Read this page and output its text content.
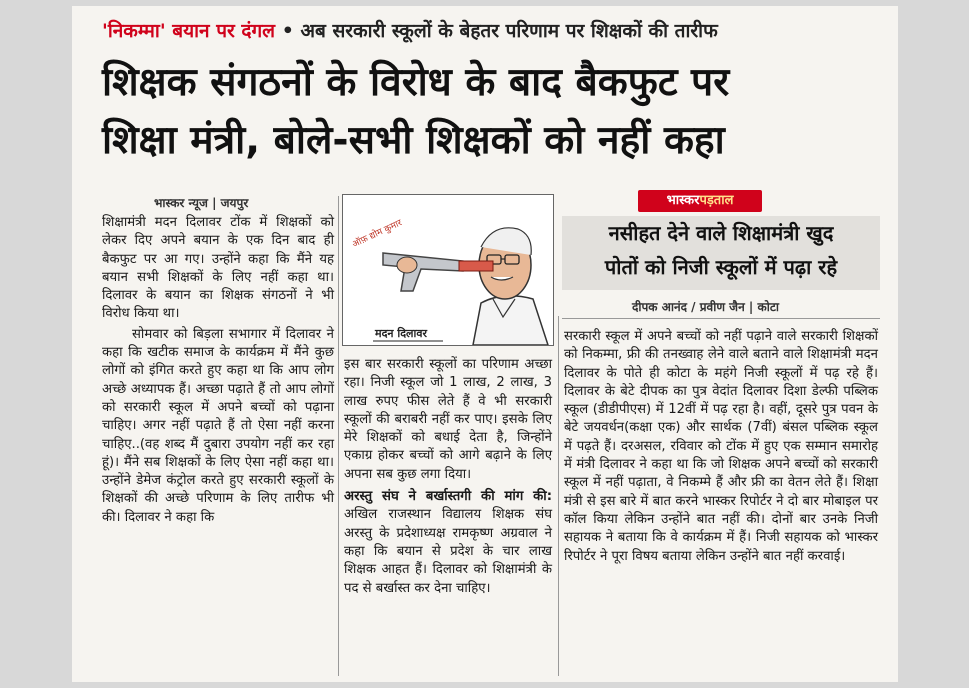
'निकम्मा' बयान पर दंगल • अब सरकारी स्कूलों के बेहतर परिणाम पर शिक्षकों की तारीफ
शिक्षक संगठनों के विरोध के बाद बैकफुट पर
शिक्षा मंत्री, बोले-सभी शिक्षकों को नहीं कहा
भास्कर न्यूज | जयपुर

शिक्षामंत्री मदन दिलावर टोंक में शिक्षकों को लेकर दिए अपने बयान के एक दिन बाद ही बैकफुट पर आ गए। उन्होंने कहा कि मैंने यह बयान सभी शिक्षकों के लिए नहीं कहा था। दिलावर के बयान का शिक्षक संगठनों ने भी विरोध किया था।

सोमवार को बिड़ला सभागार में दिलावर ने कहा कि खटीक समाज के कार्यक्रम में मैंने कुछ लोगों को इंगित करते हुए कहा था कि आप लोग अच्छे अध्यापक हैं। अच्छा पढ़ाते हैं तो आप लोगों को सरकारी स्कूल में अपने बच्चों को पढ़ाना चाहिए। अगर नहीं पढ़ाते हैं तो ऐसा नहीं करना चाहिए..(वह शब्द मैं दुबारा उपयोग नहीं कर रहा हूं)। मैंने सब शिक्षकों के लिए ऐसा नहीं कहा था। उन्होंने डेमेज कंट्रोल करते हुए सरकारी स्कूलों के शिक्षकों की अच्छे परिणाम के लिए तारीफ भी की। दिलावर ने कहा कि

ऑफ़ द्योम कुमार
मदन दिलावर

इस बार सरकारी स्कूलों का परिणाम अच्छा रहा। निजी स्कूल जो 1 लाख, 2 लाख, 3 लाख रुपए फीस लेते हैं वे भी सरकारी स्कूलों की बराबरी नहीं कर पाए। इसके लिए मेरे शिक्षकों को बधाई देता है, जिन्होंने एकाग्र होकर बच्चों को आगे बढ़ाने के लिए अपना सब कुछ लगा दिया।

अरस्तु संघ ने बर्खास्तगी की मांग की: अखिल राजस्थान विद्यालय शिक्षक संघ अरस्तु के प्रदेशाध्यक्ष रामकृष्ण अग्रवाल ने कहा कि बयान से प्रदेश के चार लाख शिक्षक आहत हैं। दिलावर को शिक्षामंत्री के पद से बर्खास्त कर देना चाहिए।

भास्करपड़ताल
नसीहत देने वाले शिक्षामंत्री खुद
पोतों को निजी स्कूलों में पढ़ा रहे
दीपक आनंद / प्रवीण जैन | कोटा

सरकारी स्कूल में अपने बच्चों को नहीं पढ़ाने वाले सरकारी शिक्षकों को निकम्मा, फ्री की तनख्वाह लेने वाले बताने वाले शिक्षामंत्री मदन दिलावर के पोते ही कोटा के महंगे निजी स्कूलों में पढ़ रहे हैं। दिलावर के बेटे दीपक का पुत्र वेदांत दिलावर दिशा डेल्फी पब्लिक स्कूल (डीडीपीएस) में 12वीं में पढ़ रहा है। वहीं, दूसरे पुत्र पवन के बेटे जयवर्धन(कक्षा एक) और सार्थक (7वीं) बंसल पब्लिक स्कूल में पढ़ते हैं। दरअसल, रविवार को टोंक में हुए एक सम्मान समारोह में मंत्री दिलावर ने कहा था कि जो शिक्षक अपने बच्चों को सरकारी स्कूल में नहीं पढ़ाता, वे निकम्मे हैं और फ्री का वेतन लेते हैं। शिक्षा मंत्री से इस बारे में बात करने भास्कर रिपोर्टर ने दो बार मोबाइल पर कॉल किया लेकिन उन्होंने बात नहीं की। दोनों बार उनके निजी सहायक ने बताया कि वे कार्यक्रम में हैं। निजी सहायक को भास्कर रिपोर्टर ने पूरा विषय बताया लेकिन उन्होंने बात नहीं करवाई।
